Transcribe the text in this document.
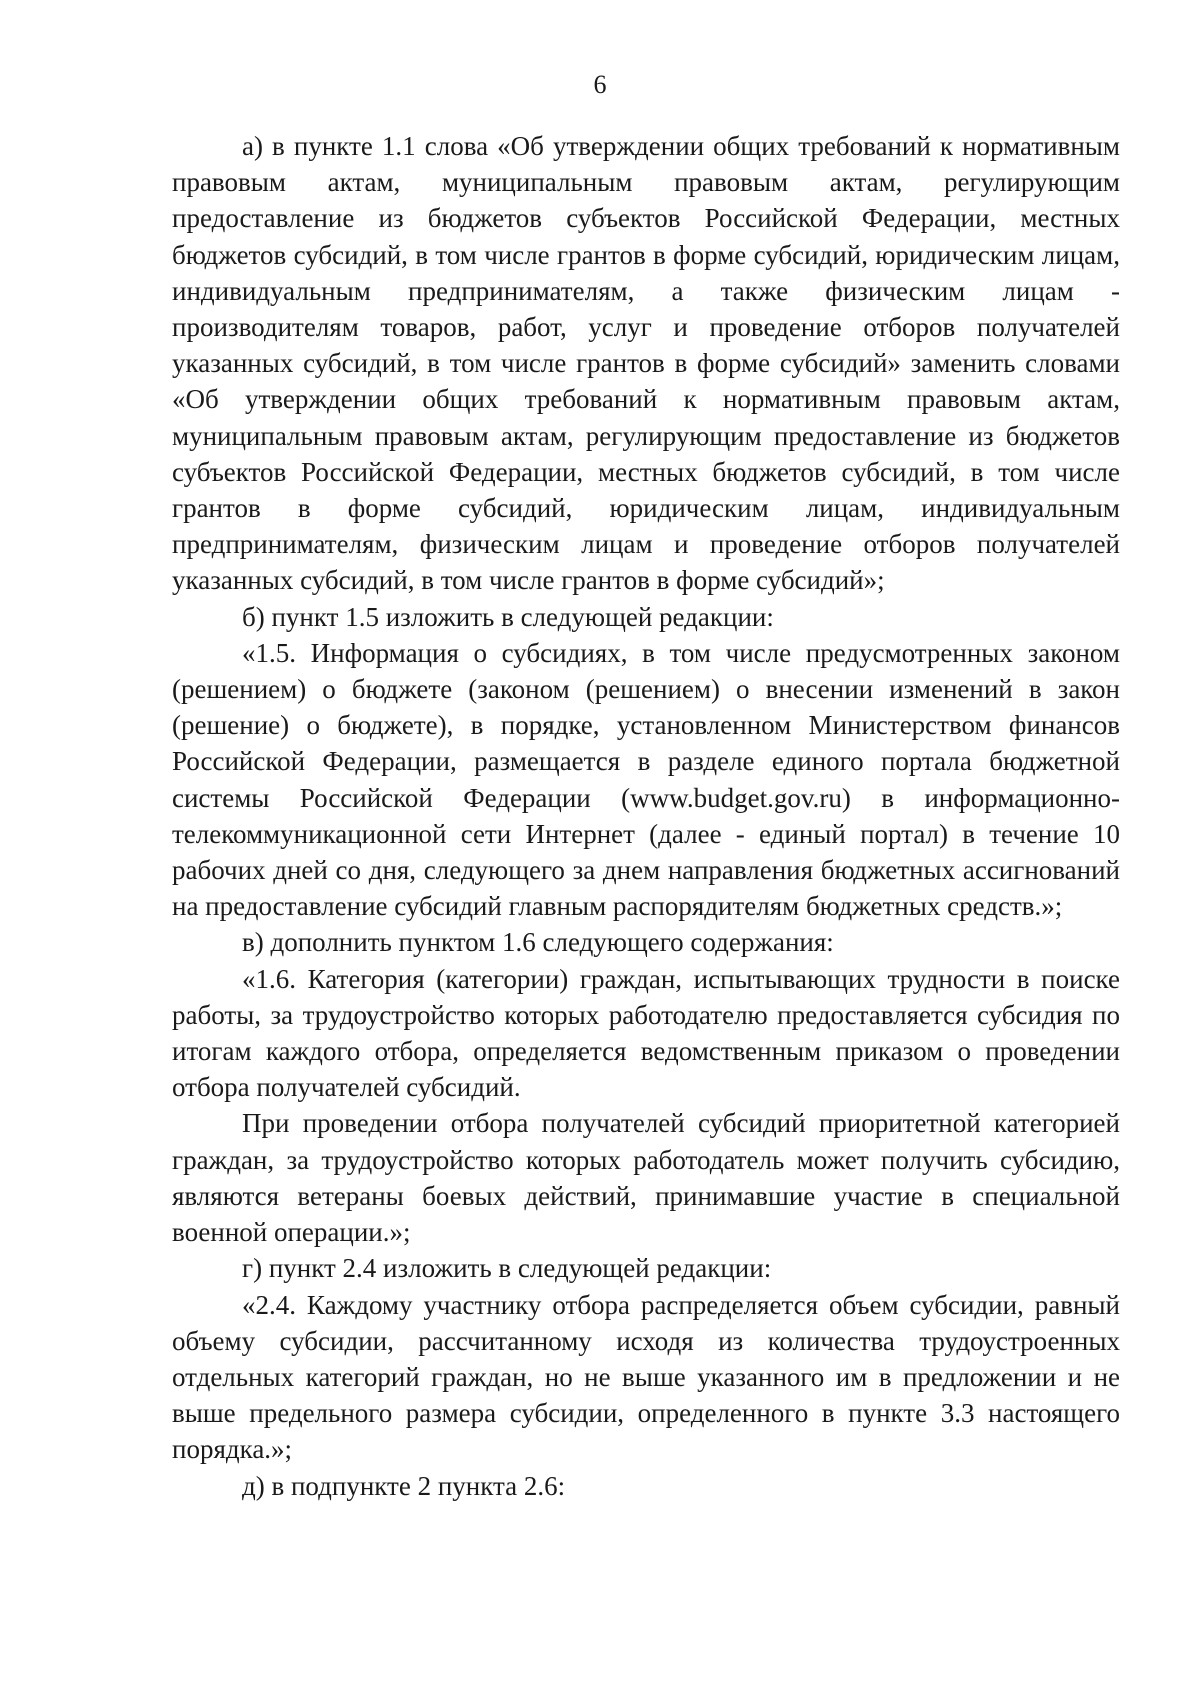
6

а) в пункте 1.1 слова «Об утверждении общих требований к нормативным правовым актам, муниципальным правовым актам, регулирующим предоставление из бюджетов субъектов Российской Федерации, местных бюджетов субсидий, в том числе грантов в форме субсидий, юридическим лицам, индивидуальным предпринимателям, а также физическим лицам - производителям товаров, работ, услуг и проведение отборов получателей указанных субсидий, в том числе грантов в форме субсидий» заменить словами «Об утверждении общих требований к нормативным правовым актам, муниципальным правовым актам, регулирующим предоставление из бюджетов субъектов Российской Федерации, местных бюджетов субсидий, в том числе грантов в форме субсидий, юридическим лицам, индивидуальным предпринимателям, физическим лицам и проведение отборов получателей указанных субсидий, в том числе грантов в форме субсидий»;

б) пункт 1.5 изложить в следующей редакции:

«1.5. Информация о субсидиях, в том числе предусмотренных законом (решением) о бюджете (законом (решением) о внесении изменений в закон (решение) о бюджете), в порядке, установленном Министерством финансов Российской Федерации, размещается в разделе единого портала бюджетной системы Российской Федерации (www.budget.gov.ru) в информационно-телекоммуникационной сети Интернет (далее - единый портал) в течение 10 рабочих дней со дня, следующего за днем направления бюджетных ассигнований на предоставление субсидий главным распорядителям бюджетных средств.»;

в) дополнить пунктом 1.6 следующего содержания:

«1.6. Категория (категории) граждан, испытывающих трудности в поиске работы, за трудоустройство которых работодателю предоставляется субсидия по итогам каждого отбора, определяется ведомственным приказом о проведении отбора получателей субсидий.

При проведении отбора получателей субсидий приоритетной категорией граждан, за трудоустройство которых работодатель может получить субсидию, являются ветераны боевых действий, принимавшие участие в специальной военной операции.»;

г) пункт 2.4 изложить в следующей редакции:

«2.4. Каждому участнику отбора распределяется объем субсидии, равный объему субсидии, рассчитанному исходя из количества трудоустроенных отдельных категорий граждан, но не выше указанного им в предложении и не выше предельного размера субсидии, определенного в пункте 3.3 настоящего порядка.»;

д) в подпункте 2 пункта 2.6:
